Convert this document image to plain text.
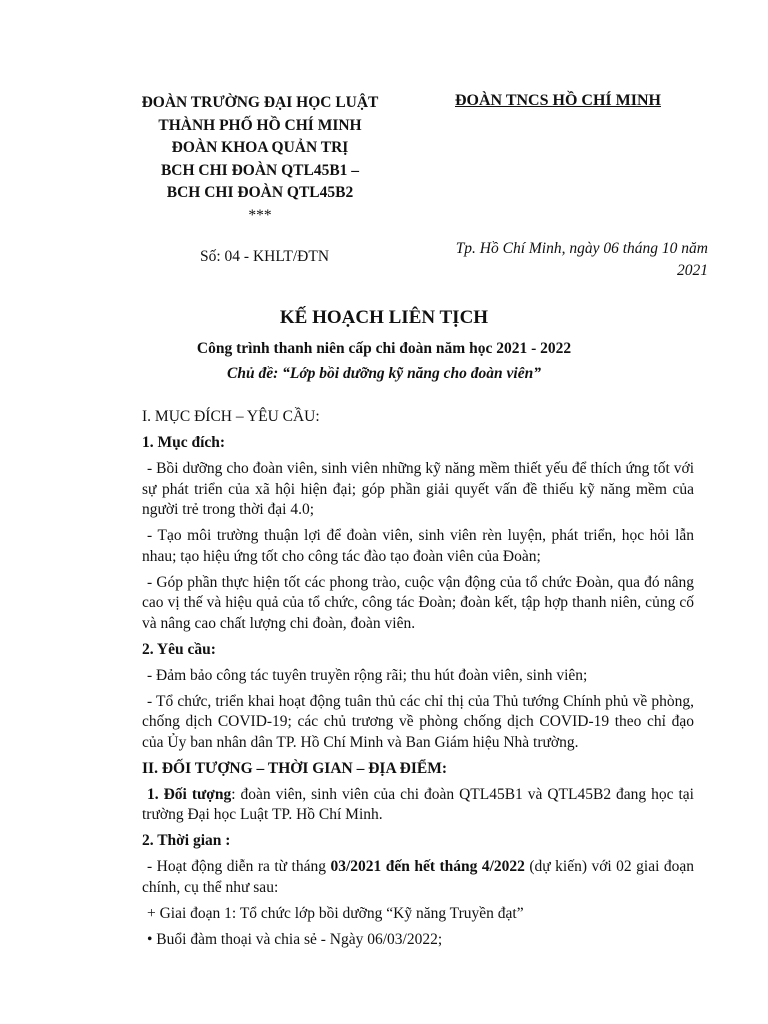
ĐOÀN TRƯỜNG ĐẠI HỌC LUẬT
THÀNH PHỐ HỒ CHÍ MINH
ĐOÀN KHOA QUẢN TRỊ
BCH CHI ĐOÀN QTL45B1 –
BCH CHI ĐOÀN QTL45B2
***
ĐOÀN TNCS HỒ CHÍ MINH
Số: 04 - KHLT/ĐTN	Tp. Hồ Chí Minh, ngày 06 tháng 10 năm 2021
KẾ HOẠCH LIÊN TỊCH
Công trình thanh niên cấp chi đoàn năm học 2021 - 2022
Chủ đề: “Lớp bồi dưỡng kỹ năng cho đoàn viên”

I. MỤC ĐÍCH – YÊU CẦU:

1. Mục đích:

- Bồi dưỡng cho đoàn viên, sinh viên những kỹ năng mềm thiết yếu để thích ứng tốt với sự phát triển của xã hội hiện đại; góp phần giải quyết vấn đề thiếu kỹ năng mềm của người trẻ trong thời đại 4.0;

- Tạo môi trường thuận lợi để đoàn viên, sinh viên rèn luyện, phát triển, học hỏi lẫn nhau; tạo hiệu ứng tốt cho công tác đào tạo đoàn viên của Đoàn;

- Góp phần thực hiện tốt các phong trào, cuộc vận động của tổ chức Đoàn, qua đó nâng cao vị thế và hiệu quả của tổ chức, công tác Đoàn; đoàn kết, tập hợp thanh niên, củng cố và nâng cao chất lượng chi đoàn, đoàn viên.

2. Yêu cầu:

- Đảm bảo công tác tuyên truyền rộng rãi; thu hút đoàn viên, sinh viên;

- Tổ chức, triển khai hoạt động tuân thủ các chỉ thị của Thủ tướng Chính phủ về phòng, chống dịch COVID-19; các chủ trương về phòng chống dịch COVID-19 theo chỉ đạo của Ủy ban nhân dân TP. Hồ Chí Minh và Ban Giám hiệu Nhà trường.

II. ĐỐI TƯỢNG – THỜI GIAN – ĐỊA ĐIỂM:

1. Đối tượng: đoàn viên, sinh viên của chi đoàn QTL45B1 và QTL45B2 đang học tại trường Đại học Luật TP. Hồ Chí Minh.

2. Thời gian :

- Hoạt động diễn ra từ tháng 03/2021 đến hết tháng 4/2022 (dự kiến) với 02 giai đoạn chính, cụ thể như sau:

+ Giai đoạn 1: Tổ chức lớp bồi dưỡng “Kỹ năng Truyền đạt”

• Buổi đàm thoại và chia sẻ - Ngày 06/03/2022;
